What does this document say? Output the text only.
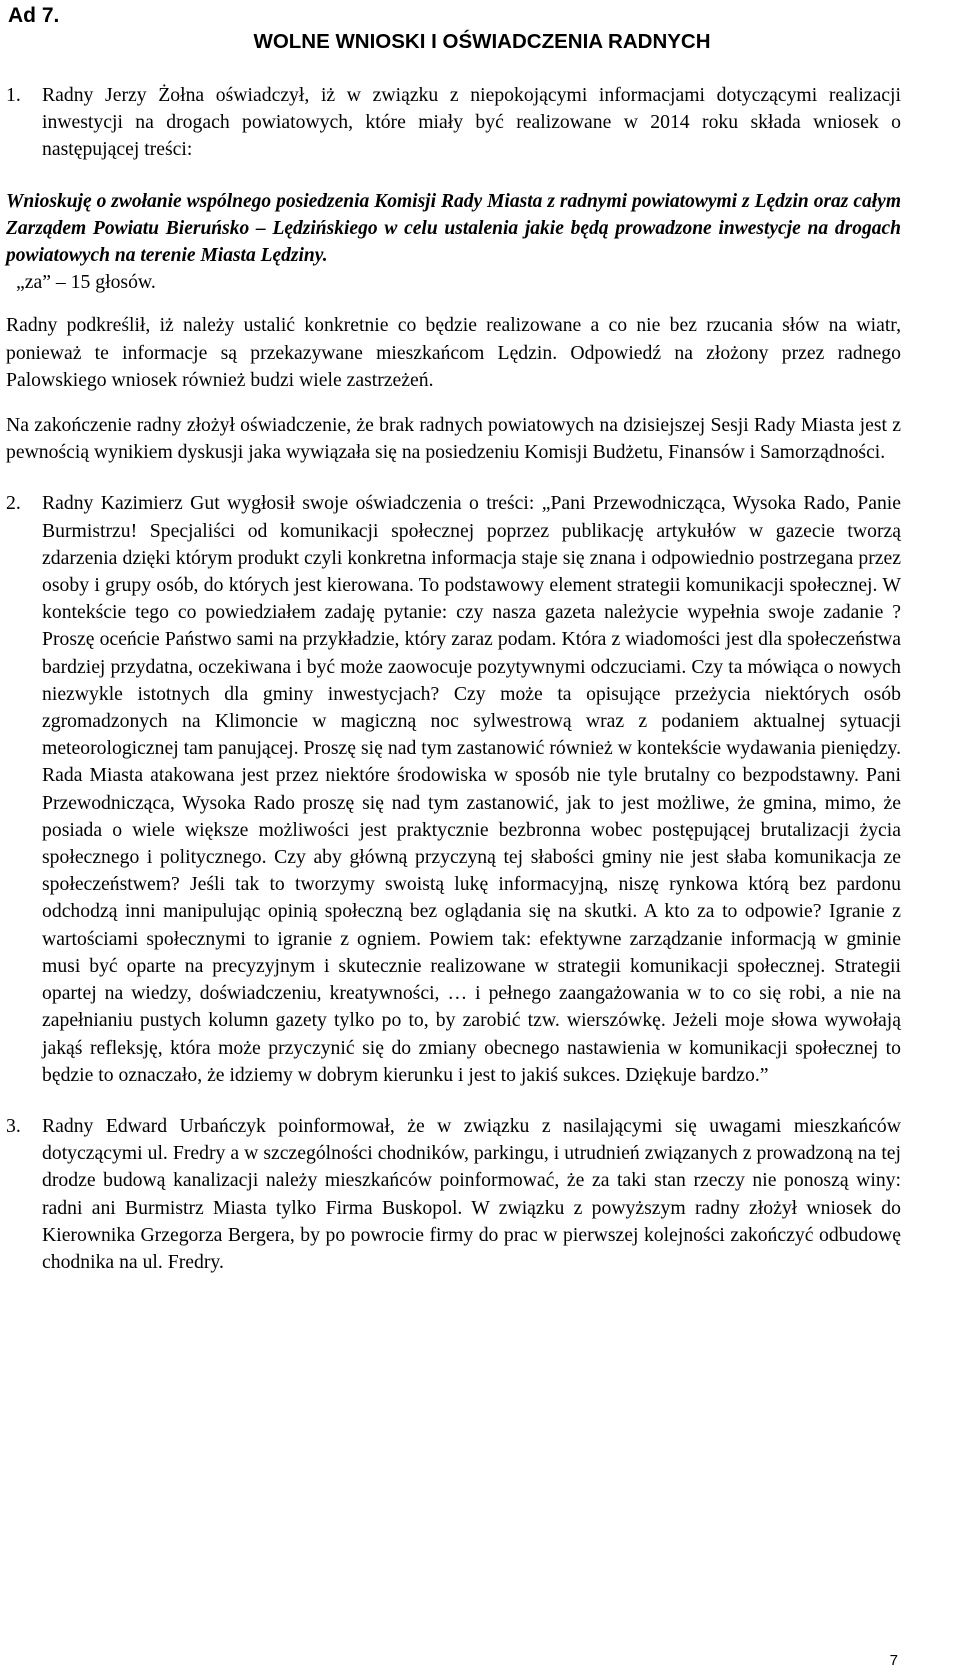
Ad 7.
WOLNE WNIOSKI I OŚWIADCZENIA RADNYCH
1.	Radny Jerzy Żołna oświadczył, iż w związku z niepokojącymi informacjami dotyczącymi realizacji inwestycji na drogach powiatowych, które miały być realizowane w 2014 roku składa wniosek o następującej treści:

Wnioskuję o zwołanie wspólnego posiedzenia Komisji Rady Miasta z radnymi powiatowymi z Lędzin oraz całym Zarządem Powiatu Bieruńsko – Lędzińskiego w celu ustalenia jakie będą prowadzone inwestycje na drogach powiatowych na terenie Miasta Lędziny.

„za” – 15 głosów.

Radny podkreślił, iż należy ustalić konkretnie co będzie realizowane a co nie bez rzucania słów na wiatr, ponieważ te informacje są przekazywane mieszkańcom Lędzin. Odpowiedź na złożony przez radnego Palowskiego wniosek również budzi wiele zastrzeżeń.

Na zakończenie radny złożył oświadczenie, że brak radnych powiatowych na dzisiejszej Sesji Rady Miasta jest z pewnością wynikiem dyskusji jaka wywiązała się na posiedzeniu Komisji Budżetu, Finansów i Samorządności.

2.	Radny Kazimierz Gut wygłosił swoje oświadczenia o treści: „Pani Przewodnicząca, Wysoka Rado, Panie Burmistrzu! Specjaliści od komunikacji społecznej poprzez publikację artykułów w gazecie tworzą zdarzenia dzięki którym produkt czyli konkretna informacja staje się znana i odpowiednio postrzegana przez osoby i grupy osób, do których jest kierowana. To podstawowy element strategii komunikacji społecznej. W kontekście tego co powiedziałem zadaję pytanie: czy nasza gazeta należycie wypełnia swoje zadanie ? Proszę oceńcie Państwo sami na przykładzie, który zaraz podam. Która z wiadomości jest dla społeczeństwa bardziej przydatna, oczekiwana i być może zaowocuje pozytywnymi odczuciami. Czy ta mówiąca o nowych niezwykle istotnych dla gminy inwestycjach? Czy może ta opisujące przeżycia niektórych osób zgromadzonych na Klimoncie w magiczną noc sylwestrową wraz z podaniem aktualnej sytuacji meteorologicznej tam panującej. Proszę się nad tym zastanowić również w kontekście wydawania pieniędzy. Rada Miasta atakowana jest przez niektóre środowiska w sposób nie tyle brutalny co bezpodstawny. Pani Przewodnicząca, Wysoka Rado proszę się nad tym zastanowić, jak to jest możliwe, że gmina, mimo, że posiada o wiele większe możliwości jest praktycznie bezbronna wobec postępującej brutalizacji życia społecznego i politycznego. Czy aby główną przyczyną tej słabości gminy nie jest słaba komunikacja ze społeczeństwem? Jeśli tak to tworzymy swoistą lukę informacyjną, niszę rynkowa którą bez pardonu odchodzą inni manipulując opinią społeczną bez oglądania się na skutki. A kto za to odpowie? Igranie z wartościami społecznymi to igranie z ogniem. Powiem tak: efektywne zarządzanie informacją w gminie musi być oparte na precyzyjnym i skutecznie realizowane w strategii komunikacji społecznej. Strategii opartej na wiedzy, doświadczeniu, kreatywności, … i pełnego zaangażowania w to co się robi, a nie na zapełnianiu pustych kolumn gazety tylko po to, by zarobić tzw. wierszówkę. Jeżeli moje słowa wywołają jakąś refleksję, która może przyczynić się do zmiany obecnego nastawienia w komunikacji społecznej to będzie to oznaczało, że idziemy w dobrym kierunku i jest to jakiś sukces. Dziękuje bardzo.”
3.	Radny Edward Urbańczyk poinformował, że w związku z nasilającymi się uwagami mieszkańców dotyczącymi ul. Fredry a w szczególności chodników, parkingu, i utrudnień związanych z prowadzoną na tej drodze budową kanalizacji należy mieszkańców poinformować, że za taki stan rzeczy nie ponoszą winy: radni ani Burmistrz Miasta tylko Firma Buskopol. W związku z powyższym radny złożył wniosek do Kierownika Grzegorza Bergera, by po powrocie firmy do prac w pierwszej kolejności zakończyć odbudowę chodnika na ul. Fredry.
7
